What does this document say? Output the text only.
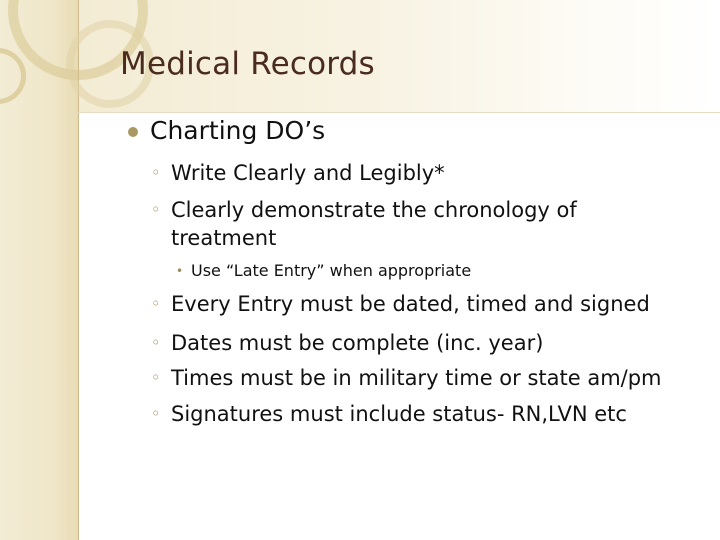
Medical Records
Charting DO’s
◦ Write Clearly and Legibly*
◦ Clearly demonstrate the chronology of
treatment
• Use “Late Entry” when appropriate
◦ Every Entry must be dated, timed and signed
◦ Dates must be complete (inc. year)
◦ Times must be in military time or state am/pm
◦ Signatures must include status- RN,LVN etc
